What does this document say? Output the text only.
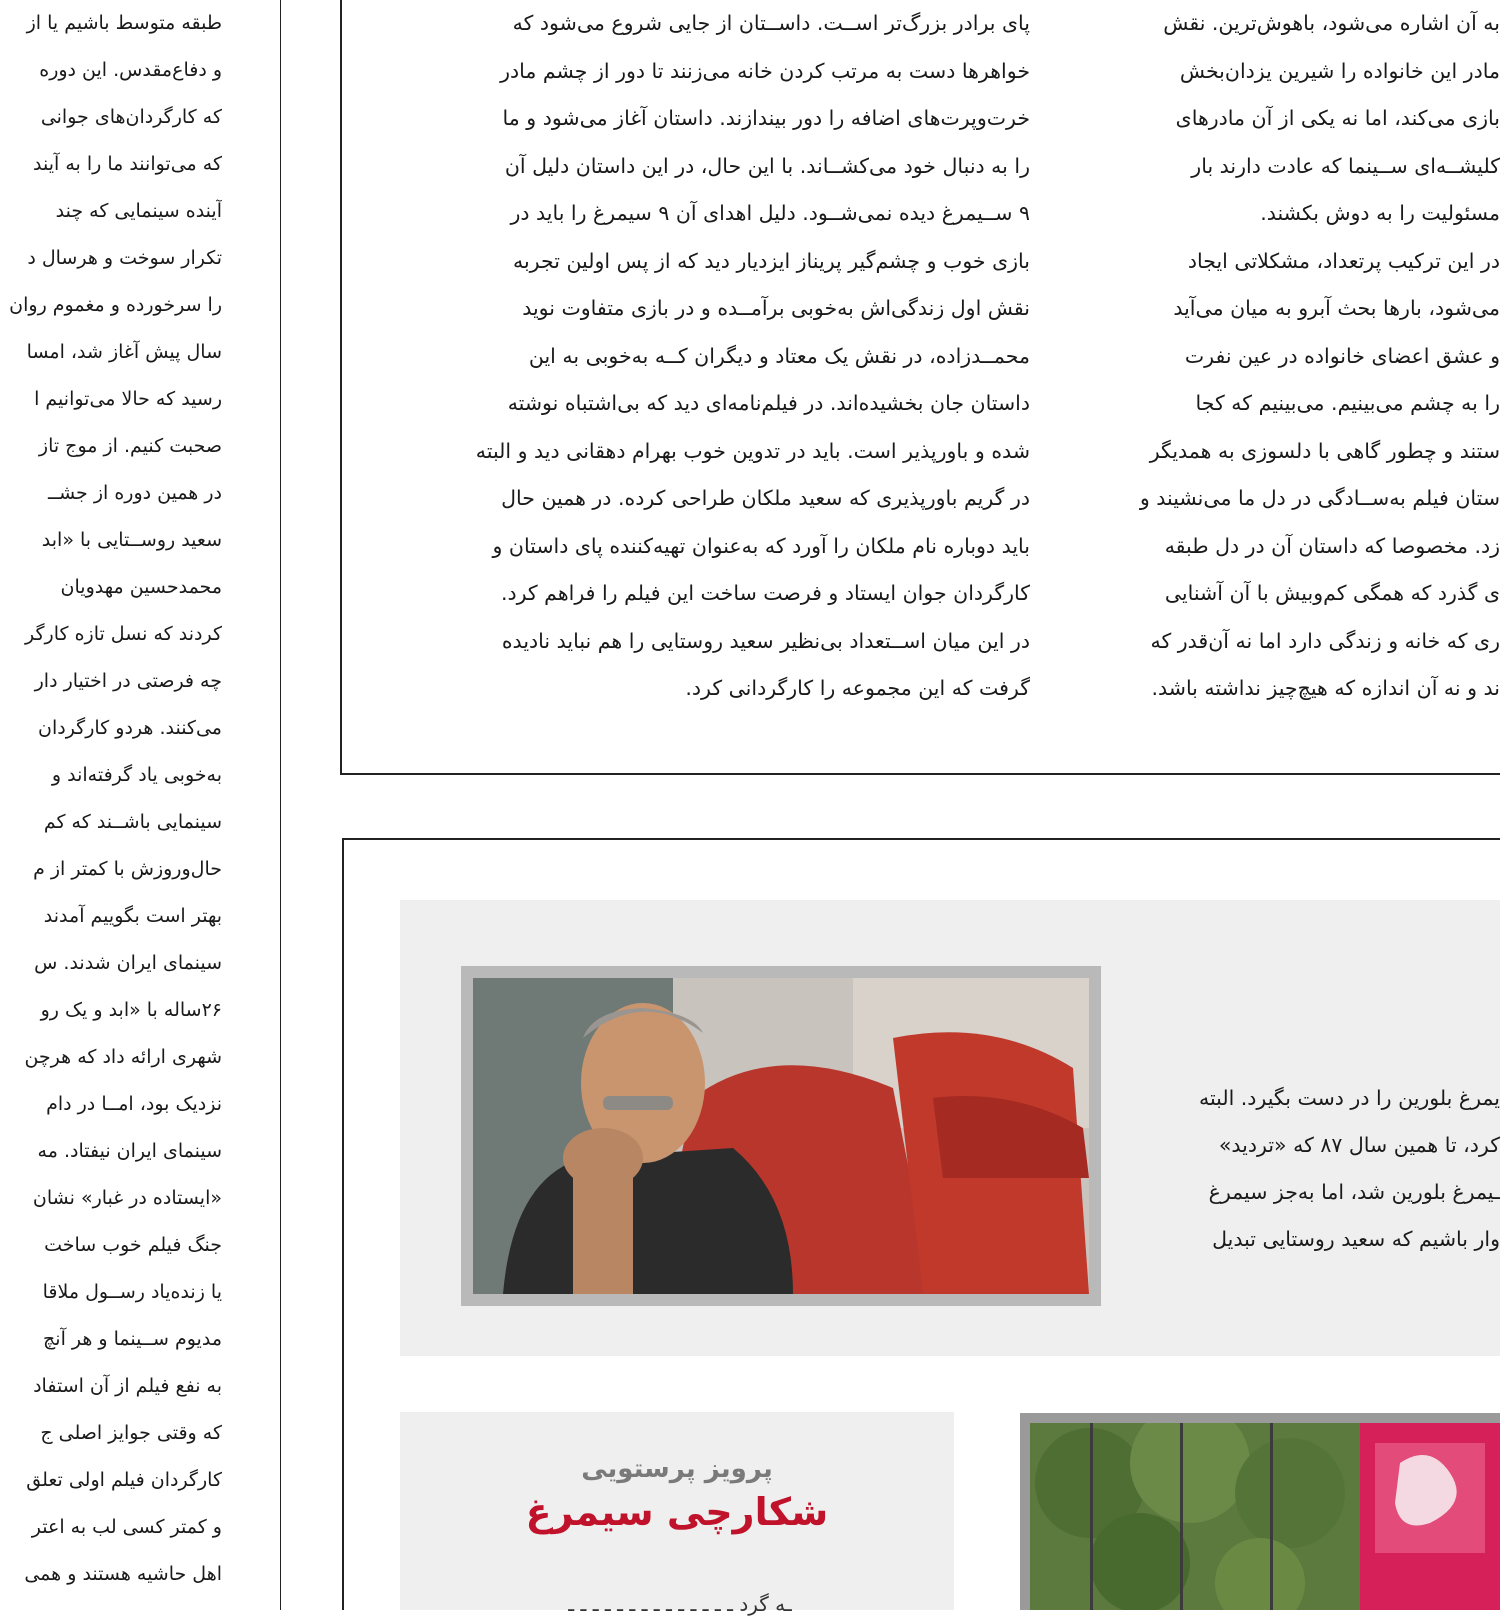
طبقه متوسط باشیم یا از

و دفاع‌مقدس. این دوره

که کارگردان‌های جوانی

که می‌توانند ما را به آیند

آینده سینمایی که چند

تکرار سوخت و هرسال د

را سرخورده و مغموم روان

سال پیش آغاز شد، امسا

رسید که حالا می‌توانیم ا

صحبت کنیم. از موج تاز

در همین دوره از جشــ

سعید روســتایی با «ابد

محمدحسین مهدویان

کردند که نسل تازه کارگر

چه فرصتی در اختیار دار

می‌کنند. هردو کارگردان

به‌خوبی یاد گرفته‌اند و

سینمایی باشــند که کم

حال‌وروزش با کمتر از م

بهتر است بگوییم آمدند

سینمای ایران شدند. س

۲۶ساله با «ابد و یک رو

شهری ارائه داد که هرچن

نزدیک بود، امــا در دام

سینمای ایران نیفتاد. مه

«ایستاده در غبار» نشان

جنگ فیلم خوب ساخت

یا زنده‌یاد رســول ملاقا

مدیوم ســینما و هر آنچ

به نفع فیلم از آن استفاد

که وقتی جوایز اصلی ج

کارگردان فیلم اولی تعلق

و کمتر کسی لب به اعتر

اهل حاشیه هستند و همی

پای برادر بزرگ‌تر اســت. داســتان از جایی شروع می‌شود که

خواهرها دست به مرتب کردن خانه می‌زنند تا دور از چشم مادر

خرت‌وپرت‌های اضافه را دور بیندازند. داستان آغاز می‌شود و ما

را به دنبال خود می‌کشــاند. با این حال، در این داستان دلیل آن

۹ ســیمرغ دیده نمی‌شــود. دلیل اهدای آن ۹ سیمرغ را باید در

بازی خوب و چشم‌گیر پریناز ایزدیار دید که از پس اولین تجربه

نقش اول زندگی‌اش به‌خوبی برآمــده و در بازی متفاوت نوید

محمــدزاده، در نقش یک معتاد و دیگران کــه به‌خوبی به این

داستان جان بخشیده‌اند. در فیلم‌نامه‌ای دید که بی‌اشتباه نوشته

شده و باورپذیر است. باید در تدوین خوب بهرام دهقانی دید و البته

در گریم باورپذیری که سعید ملکان طراحی کرده. در همین حال

باید دوباره نام ملکان را آورد که به‌عنوان تهیه‌کننده پای داستان و

کارگردان جوان ایستاد و فرصت ساخت این فیلم را فراهم کرد.

در این میان اســتعداد بی‌نظیر سعید روستایی را هم نباید نادیده

گرفت که این مجموعه را کارگردانی کرد.

به آن اشاره می‌شود، باهوش‌ترین. نقش

مادر این خانواده را شیرین یزدان‌بخش

بازی می‌کند، اما نه یکی از آن مادرهای

کلیشــه‌ای ســینما که عادت دارند بار

مسئولیت را به دوش بکشند.

در این ترکیب پرتعداد، مشکلاتی ایجاد

می‌شود، بارها بحث آبرو به میان می‌آید

و عشق اعضای خانواده در عین نفرت

را به چشم می‌بینیم. می‌بینیم که کجا

ستند و چطور گاهی با دلسوزی به همدیگر

ستان فیلم به‌ســادگی در دل ما می‌نشیند و

زد. مخصوصا که داستان آن در دل طبقه

ی گذرد که همگی کم‌وبیش با آن آشنایی

ری که خانه و زندگی دارد اما نه آن‌قدر که

ند و نه آن اندازه که هیچ‌چیز نداشته باشد.

یمرغ بلورین را در دست بگیرد. البته

کرد، تا همین سال ۸۷ که «تردید»

ـیمرغ بلورین شد، اما به‌جز سیمرغ

وار باشیم که سعید روستایی تبدیل

پرویز پرستویی
شکارچی سیمرغ
ـه گرد ـ ـ ـ ـ ـ ـ ـ ـ ـ ـ ـ ـ ـ ـ
